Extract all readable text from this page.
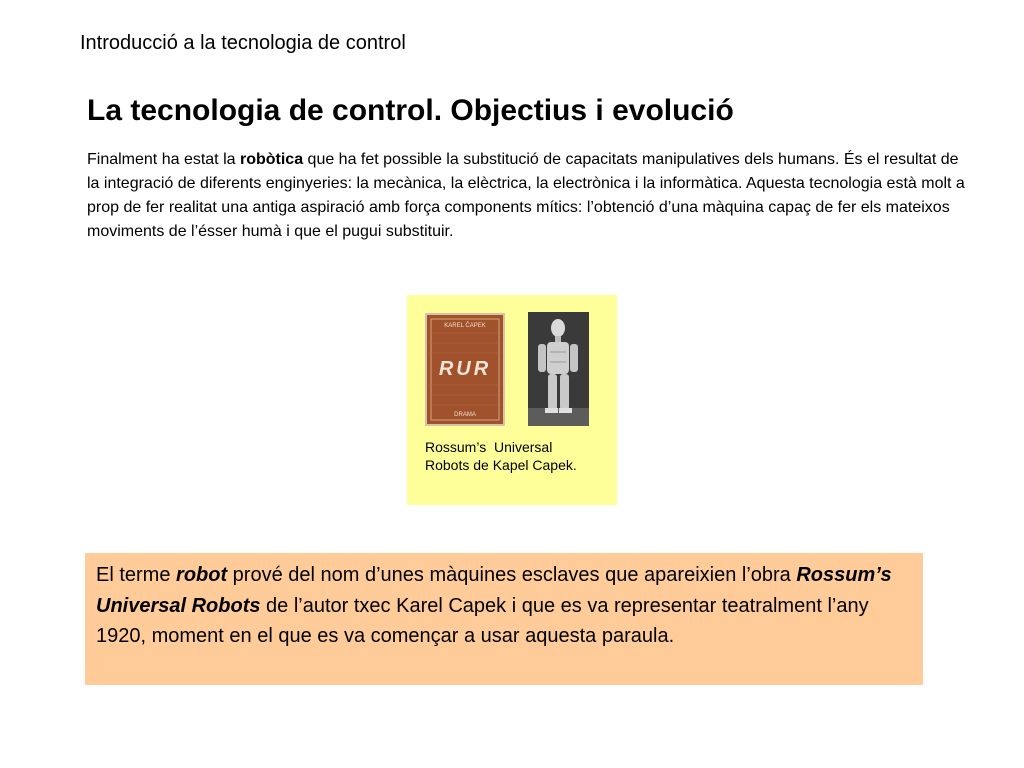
Introducció a la tecnologia de control
La tecnologia de control. Objectius i evolució

Finalment ha estat la robòtica que ha fet possible la substitució de capacitats manipulatives dels humans. És el resultat de la integració de diferents enginyeries: la mecànica, la elèctrica, la electrònica i la informàtica. Aquesta tecnologia està molt a prop de fer realitat una antiga aspiració amb força components mítics: l’obtenció d’una màquina capaç de fer els mateixos moviments de l’ésser humà i que el pugui substituir.

KAREL ČAPEK
RUR
DRAMA
Rossum’s  Universal
Robots de Kapel Capek.

El terme robot prové del nom d’unes màquines esclaves que apareixien l’obra Rossum’s Universal Robots de l’autor txec Karel Capek i que es va representar teatralment l’any 1920, moment en el que es va començar a usar aquesta paraula.
